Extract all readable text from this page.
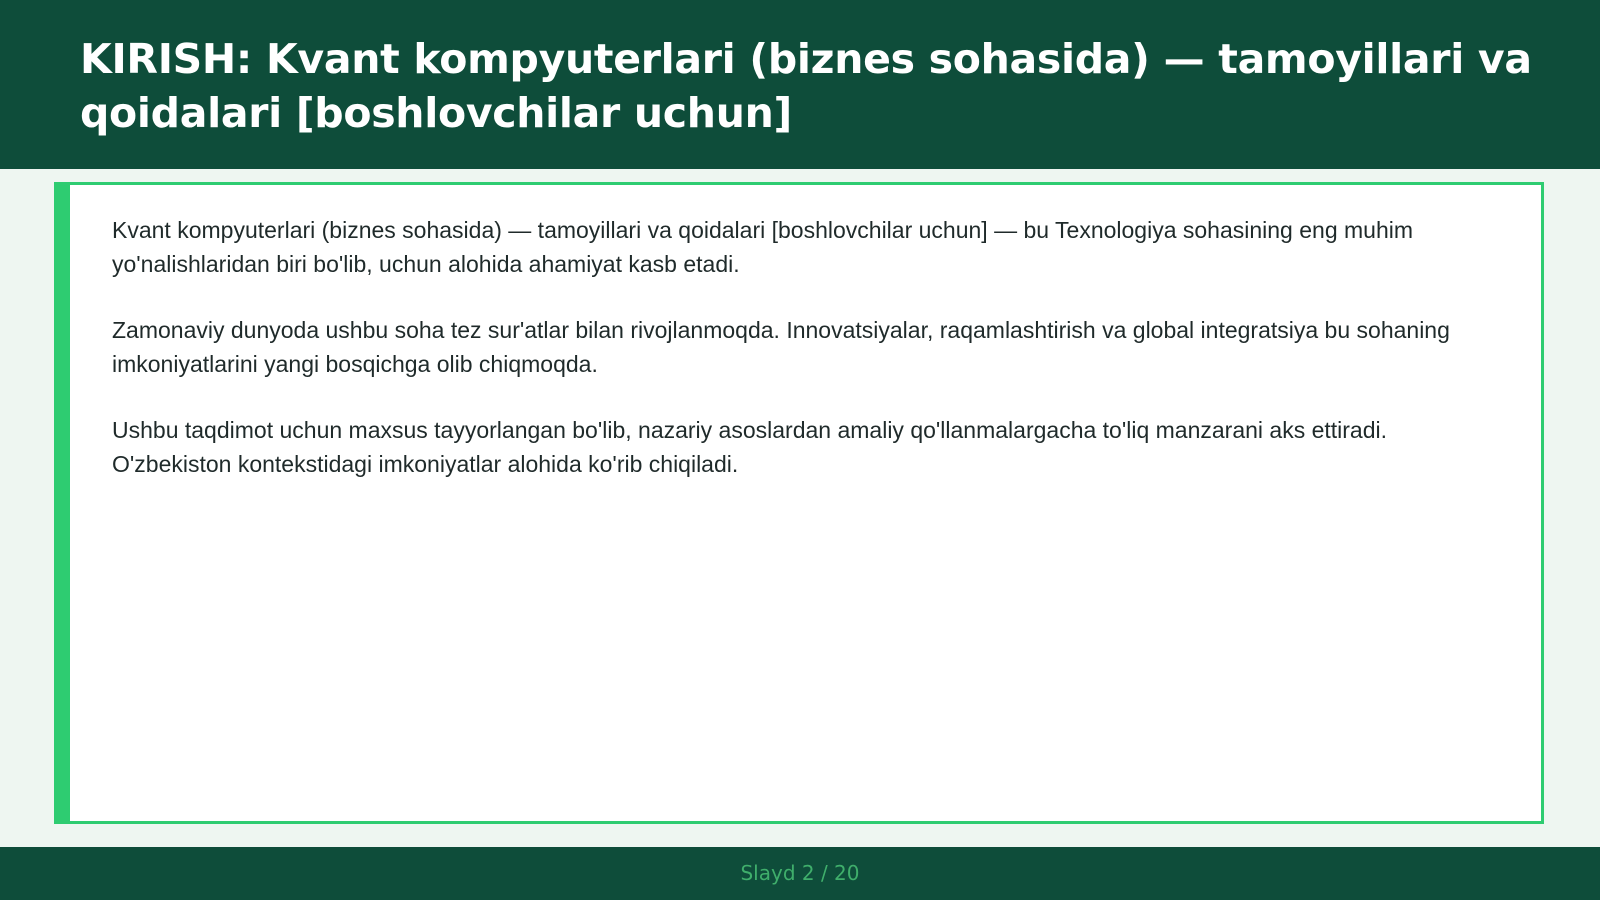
KIRISH: Kvant kompyuterlari (biznes sohasida) — tamoyillari va qoidalari [boshlovchilar uchun]

Kvant kompyuterlari (biznes sohasida) — tamoyillari va qoidalari [boshlovchilar uchun] — bu Texnologiya sohasining eng muhim yo'nalishlaridan biri bo'lib, uchun alohida ahamiyat kasb etadi.

Zamonaviy dunyoda ushbu soha tez sur'atlar bilan rivojlanmoqda. Innovatsiyalar, raqamlashtirish va global integratsiya bu sohaning imkoniyatlarini yangi bosqichga olib chiqmoqda.

Ushbu taqdimot uchun maxsus tayyorlangan bo'lib, nazariy asoslardan amaliy qo'llanmalargacha to'liq manzarani aks ettiradi. O'zbekiston kontekstidagi imkoniyatlar alohida ko'rib chiqiladi.

Slayd 2 / 20
